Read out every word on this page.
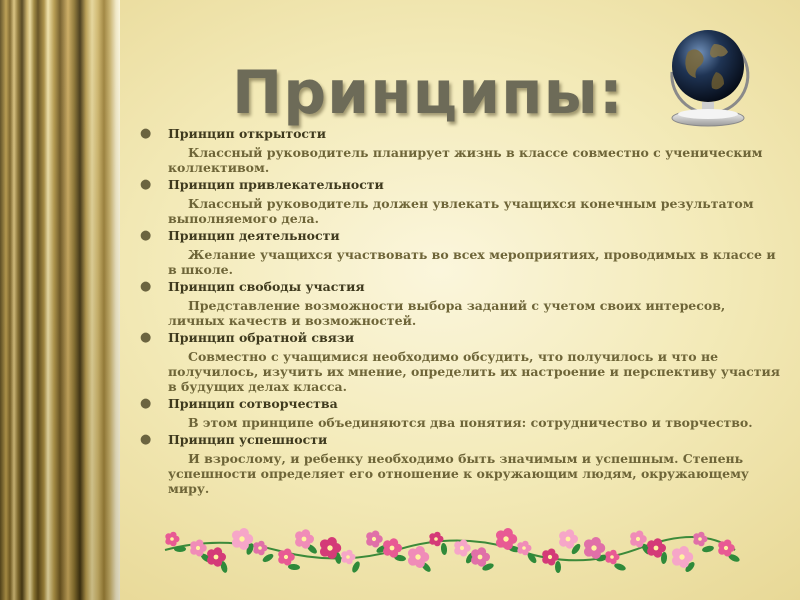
Принципы:
● Принцип открытости
Классный руководитель планирует жизнь в классе совместно с ученическим коллективом.
● Принцип привлекательности
Классный руководитель должен увлекать учащихся конечным результатом выполняемого дела.
● Принцип деятельности
Желание учащихся участвовать во всех мероприятиях, проводимых в классе и в школе.
● Принцип свободы участия
Представление возможности выбора заданий с учетом своих интересов, личных качеств и возможностей.
● Принцип обратной связи
Совместно с учащимися необходимо обсудить, что получилось и что не получилось, изучить их мнение, определить их настроение и перспективу участия в будущих делах класса.
● Принцип сотворчества
В этом принципе объединяются два понятия: сотрудничество и творчество.
● Принцип успешности
И взрослому, и ребенку необходимо быть значимым и успешным. Степень успешности определяет его отношение к окружающим людям, окружающему миру.
